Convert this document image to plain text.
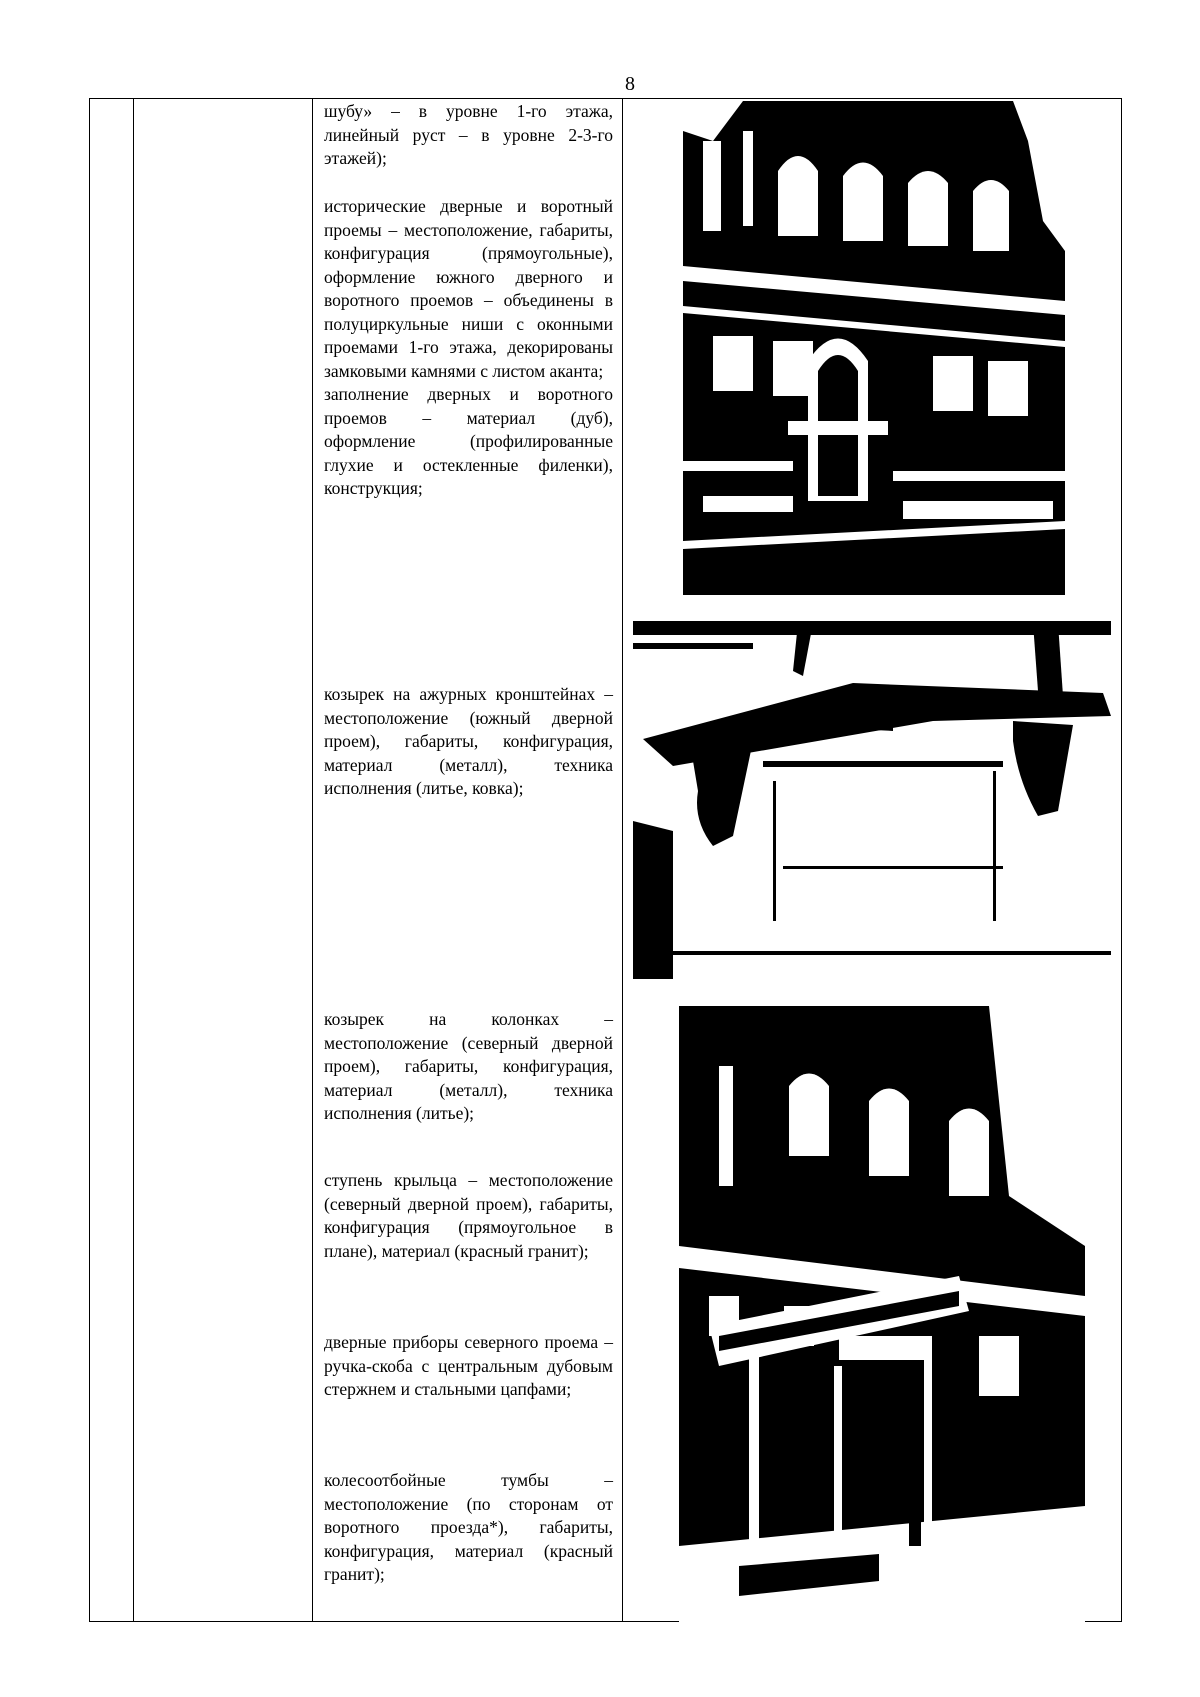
8

шубу» – в уровне 1-го этажа, линейный руст – в уровне 2-3-го этажей);

исторические дверные и воротный проемы – местоположение, габариты, конфигурация (прямоугольные), оформление южного дверного и воротного проемов – объединены в полуциркульные ниши с оконными проемами 1-го этажа, декорированы замковыми камнями с листом аканта;

заполнение дверных и воротного проемов – материал (дуб), оформление (профилированные глухие и остекленные филенки), конструкция;

козырек на ажурных кронштейнах – местоположение (южный дверной проем), габариты, конфигурация, материал (металл), техника исполнения (литье, ковка);

козырек на колонках – местоположение (северный дверной проем), габариты, конфигурация, материал (металл), техника исполнения (литье);

ступень крыльца – местоположение (северный дверной проем), габариты, конфигурация (прямоугольное в плане), материал (красный гранит);

дверные приборы северного проема – ручка-скоба с центральным дубовым стержнем и стальными цапфами;

колесоотбойные тумбы – местоположение (по сторонам от воротного проезда*), габариты, конфигурация, материал (красный гранит);
